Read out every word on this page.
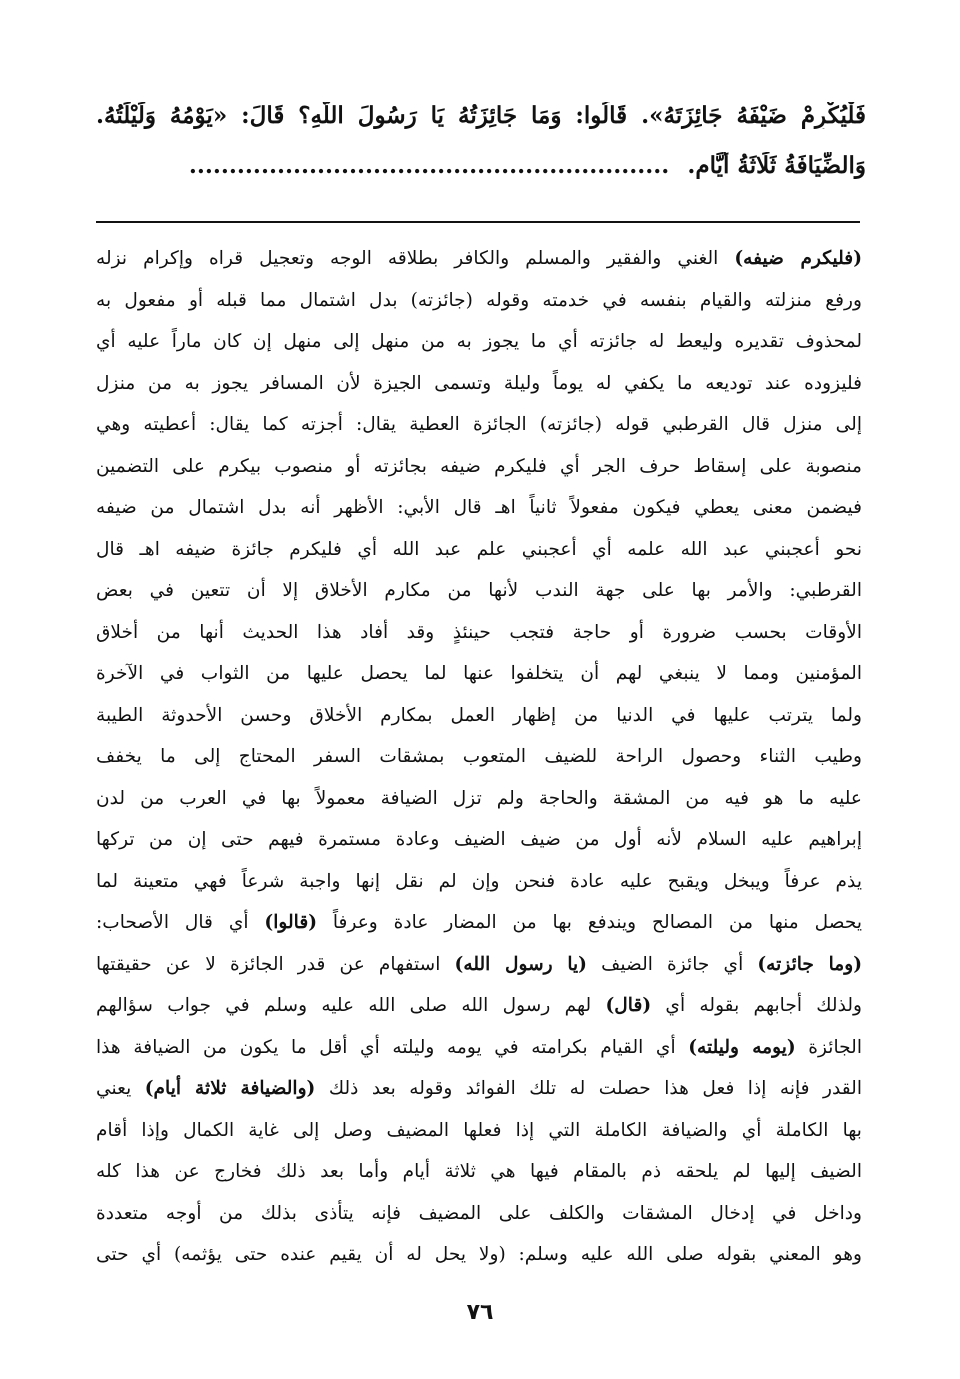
فَلْيُكْرِمْ ضَيْفَهُ جَائِزَتَهُ». قَالُوا: وَمَا جَائِزَتُهُ يَا رَسُولَ اللَّهِ؟ قَالَ: «يَوْمُهُ وَلَيْلَتُهُ.
وَالضِّيَافَةُ ثَلَاثَةُ أَيَّامٍ. ............................................................
(فليكرم ضيفه) الغني والفقير والمسلم والكافر بطلاقه الوجه وتعجيل قراه وإكرام نزله
ورفع منزلته والقيام بنفسه في خدمته وقوله (جائزته) بدل اشتمال مما قبله أو مفعول به
لمحذوف تقديره وليعط له جائزته أي ما يجوز به من منهل إلى منهل إن كان ماراً عليه أي
فليزوده عند توديعه ما يكفي له يوماً وليلة وتسمى الجيزة لأن المسافر يجوز به من منزل
إلى منزل قال القرطبي قوله (جائزته) الجائزة العطية يقال: أجزته كما يقال: أعطيته وهي
منصوبة على إسقاط حرف الجر أي فليكرم ضيفه بجائزته أو منصوب بيكرم على التضمين
فيضمن معنى يعطي فيكون مفعولاً ثانياً اهـ قال الأبي: الأظهر أنه بدل اشتمال من ضيفه
نحو أعجبني عبد الله علمه أي أعجبني علم عبد الله أي فليكرم جائزة ضيفه اهـ قال
القرطبي: والأمر بها على جهة الندب لأنها من مكارم الأخلاق إلا أن تتعين في بعض
الأوقات بحسب ضرورة أو حاجة فتجب حينئذٍ وقد أفاد هذا الحديث أنها من أخلاق
المؤمنين ومما لا ينبغي لهم أن يتخلفوا عنها لما يحصل عليها من الثواب في الآخرة
ولما يترتب عليها في الدنيا من إظهار العمل بمكارم الأخلاق وحسن الأحدوثة الطيبة
وطيب الثناء وحصول الراحة للضيف المتعوب بمشقات السفر المحتاج إلى ما يخفف
عليه ما هو فيه من المشقة والحاجة ولم تزل الضيافة معمولاً بها في العرب من لدن
إبراهيم عليه السلام لأنه أول من ضيف الضيف وعادة مستمرة فيهم حتى إن من تركها
يذم عرفاً ويبخل ويقبح عليه عادة فنحن وإن لم نقل إنها واجبة شرعاً فهي متعينة لما
يحصل منها من المصالح ويندفع بها من المضار عادة وعرفاً (قالوا) أي قال الأصحاب:
(وما جائزته) أي جائزة الضيف (يا رسول الله) استفهام عن قدر الجائزة لا عن حقيقتها
ولذلك أجابهم بقوله أي (قال) لهم رسول الله صلى الله عليه وسلم في جواب سؤالهم
الجائزة (يومه وليلته) أي القيام بكرامته في يومه وليلته أي أقل ما يكون من الضيافة هذا
القدر فإنه إذا فعل هذا حصلت له تلك الفوائد وقوله بعد ذلك (والضيافة ثلاثة أيام) يعني
بها الكاملة أي والضيافة الكاملة التي إذا فعلها المضيف وصل إلى غاية الكمال وإذا أقام
الضيف إليها لم يلحقه ذم بالمقام فيها هي ثلاثة أيام وأما بعد ذلك فخارج عن هذا كله
وداخل في إدخال المشقات والكلف على المضيف فإنه يتأذى بذلك من أوجه متعددة
وهو المعني بقوله صلى الله عليه وسلم: (ولا يحل له أن يقيم عنده حتى يؤثمه) أي حتى
٧٦
